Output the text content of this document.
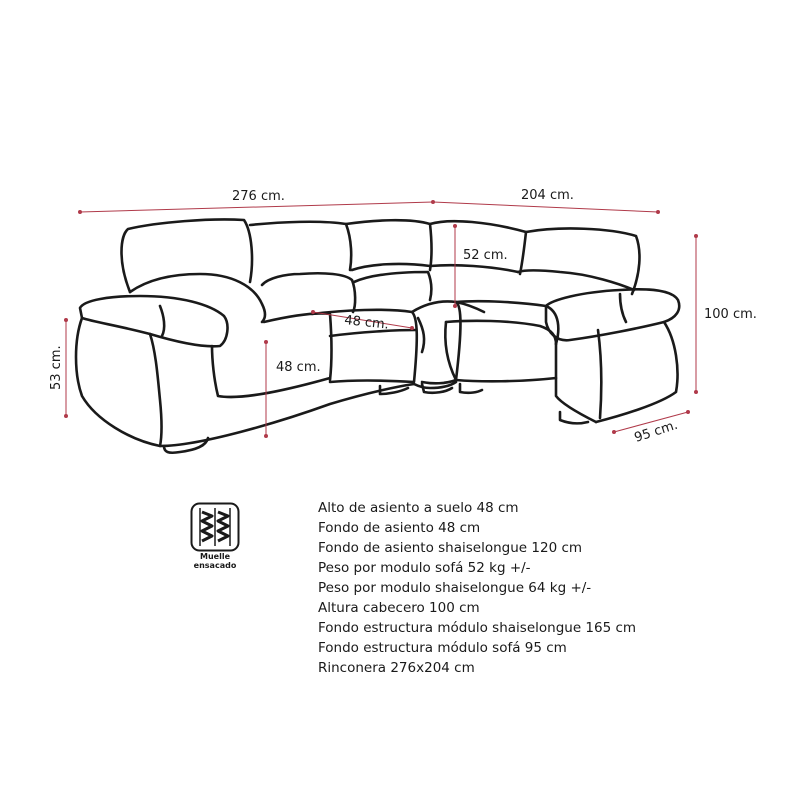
276 cm.	204 cm.
52 cm.
48 cm.
48 cm.
100 cm.
53 cm.
95 cm.
Muelle
ensacado
Alto de asiento a suelo 48 cm
Fondo de asiento 48 cm
Fondo de asiento shaiselongue 120 cm
Peso por modulo sofá 52 kg +/-
Peso por modulo shaiselongue 64 kg +/-
Altura cabecero 100 cm
Fondo estructura módulo shaiselongue 165 cm
Fondo estructura módulo sofá 95 cm
Rinconera 276x204 cm
